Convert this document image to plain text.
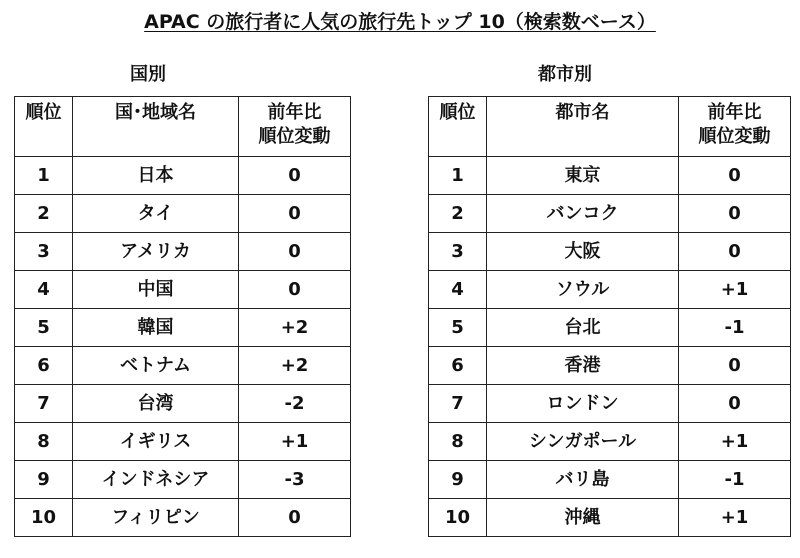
APAC の旅行者に人気の旅行先トップ 10（検索数ベース）
国別
順位	国･地域名	前年比
順位変動

1	日本	0
2	タイ	0
3	アメリカ	0
4	中国	0
5	韓国	+2
6	ベトナム	+2
7	台湾	-2
8	イギリス	+1
9	インドネシア	-3
10	フィリピン	0
都市別
順位	都市名	前年比
順位変動

1	東京	0
2	バンコク	0
3	大阪	0
4	ソウル	+1
5	台北	-1
6	香港	0
7	ロンドン	0
8	シンガポール	+1
9	バリ島	-1
10	沖縄	+1
